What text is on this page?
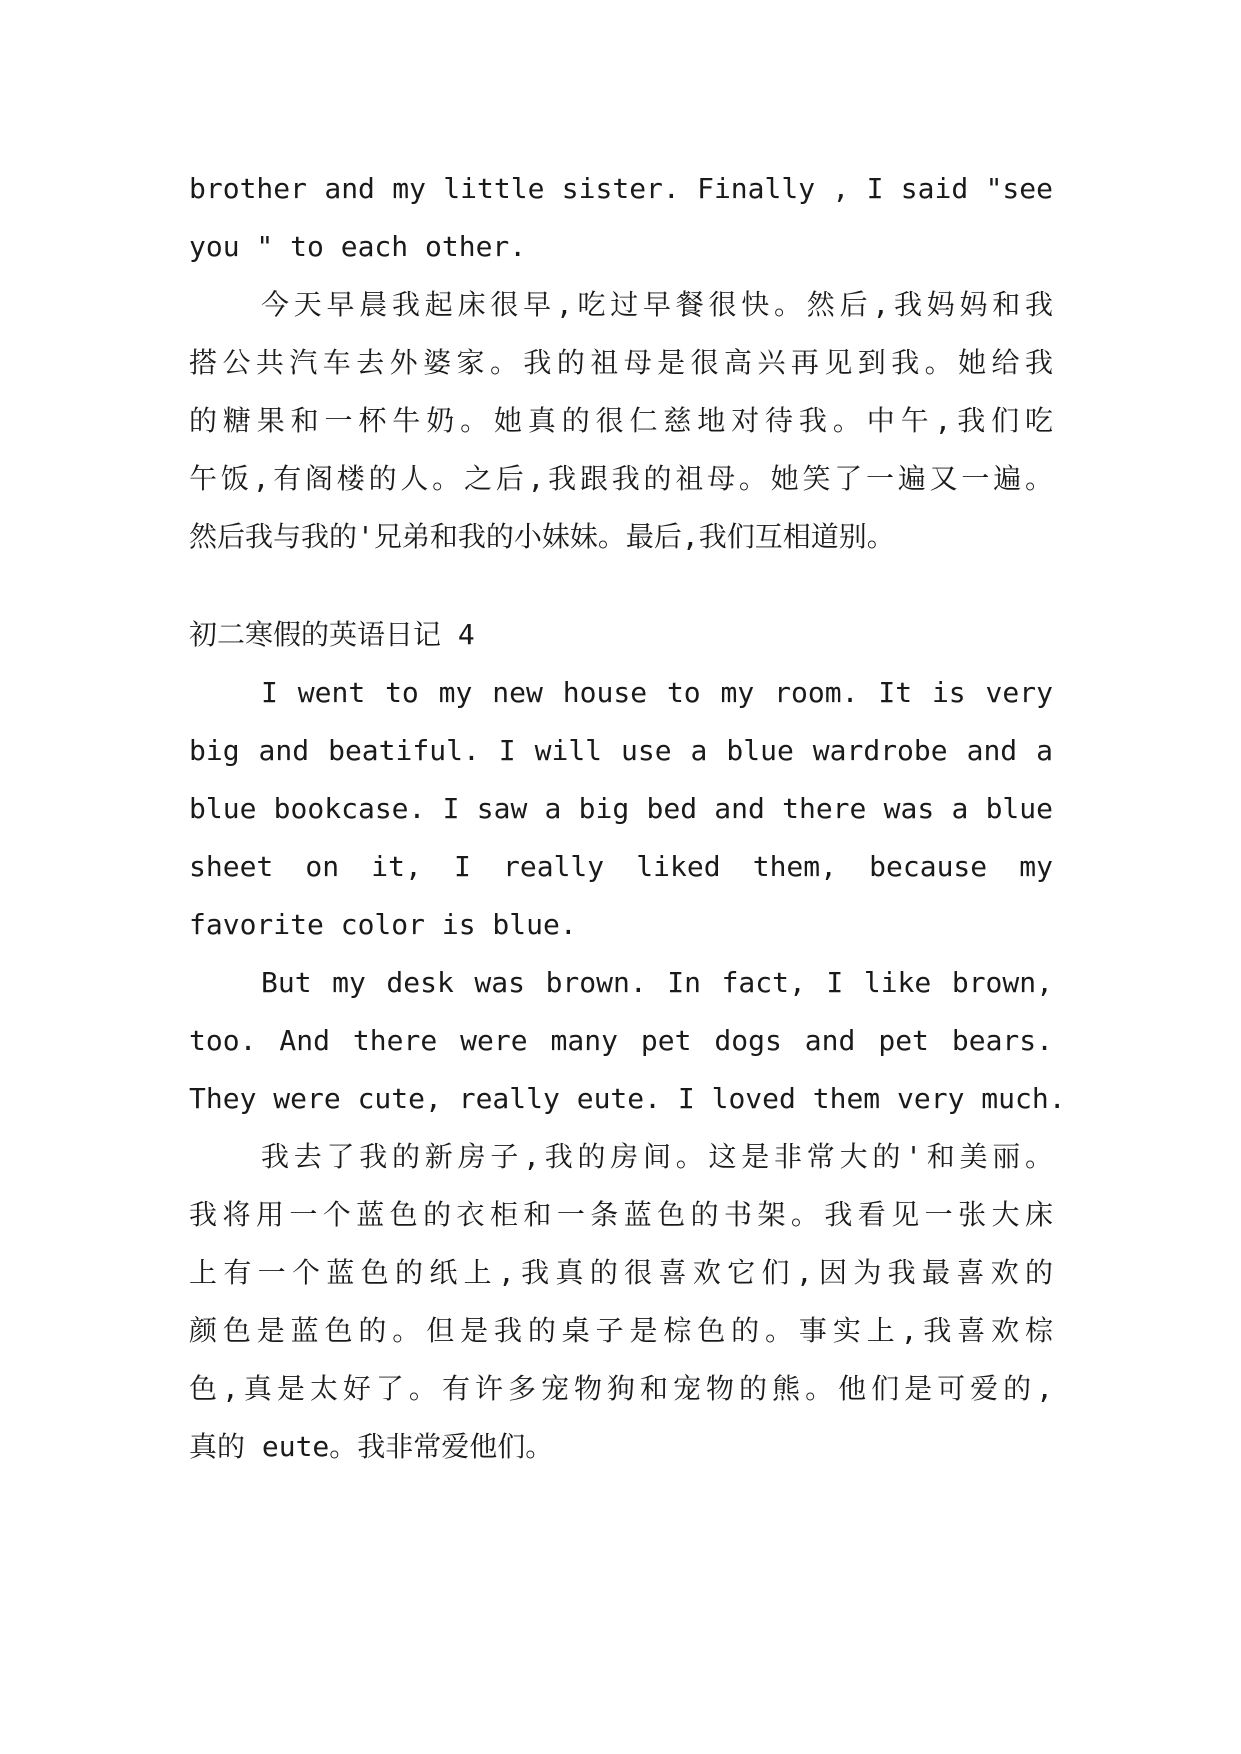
brother and my little sister. Finally , I said "see
you " to each other.
今天早晨我起床很早,吃过早餐很快。然后,我妈妈和我
搭公共汽车去外婆家。我的祖母是很高兴再见到我。她给我
的糖果和一杯牛奶。她真的很仁慈地对待我。中午,我们吃
午饭,有阁楼的人。之后,我跟我的祖母。她笑了一遍又一遍。
然后我与我的'兄弟和我的小妹妹。最后,我们互相道别。
初二寒假的英语日记 4
I went to my new house to my room. It is very
big and beatiful. I will use a blue wardrobe and a
blue bookcase. I saw a big bed and there was a blue
sheet on it, I really liked them, because my
favorite color is blue.
But my desk was brown. In fact, I like brown,
too. And there were many pet dogs and pet bears.
They were cute, really eute. I loved them very much.
我去了我的新房子,我的房间。这是非常大的'和美丽。
我将用一个蓝色的衣柜和一条蓝色的书架。我看见一张大床
上有一个蓝色的纸上,我真的很喜欢它们,因为我最喜欢的
颜色是蓝色的。但是我的桌子是棕色的。事实上,我喜欢棕
色,真是太好了。有许多宠物狗和宠物的熊。他们是可爱的,
真的 eute。我非常爱他们。
